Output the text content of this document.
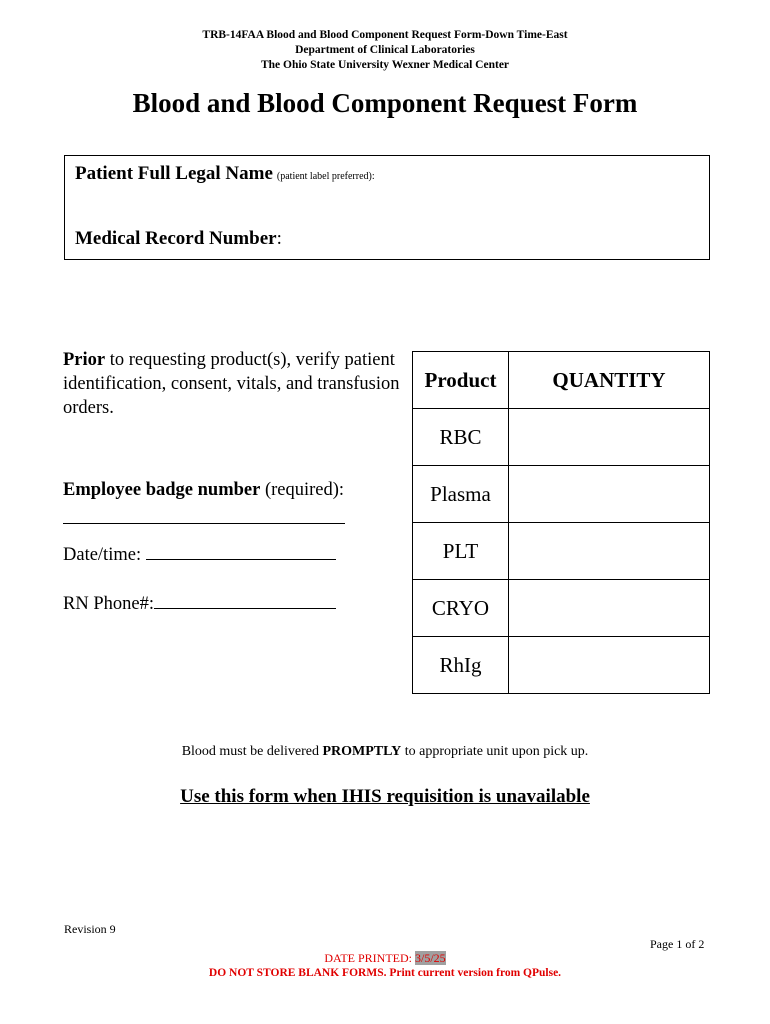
TRB-14FAA Blood and Blood Component Request Form-Down Time-East
Department of Clinical Laboratories
The Ohio State University Wexner Medical Center
Blood and Blood Component Request Form
Patient Full Legal Name (patient label preferred):
Medical Record Number:
Prior to requesting product(s), verify patient identification, consent, vitals, and transfusion orders.
Employee badge number (required):
Date/time:
RN Phone#:
Product	QUANTITY
RBC	
Plasma	
PLT	
CRYO	
RhIg	
Blood must be delivered PROMPTLY to appropriate unit upon pick up.
Use this form when IHIS requisition is unavailable
Revision 9
Page 1 of 2
DATE PRINTED: 3/5/25
DO NOT STORE BLANK FORMS. Print current version from QPulse.
